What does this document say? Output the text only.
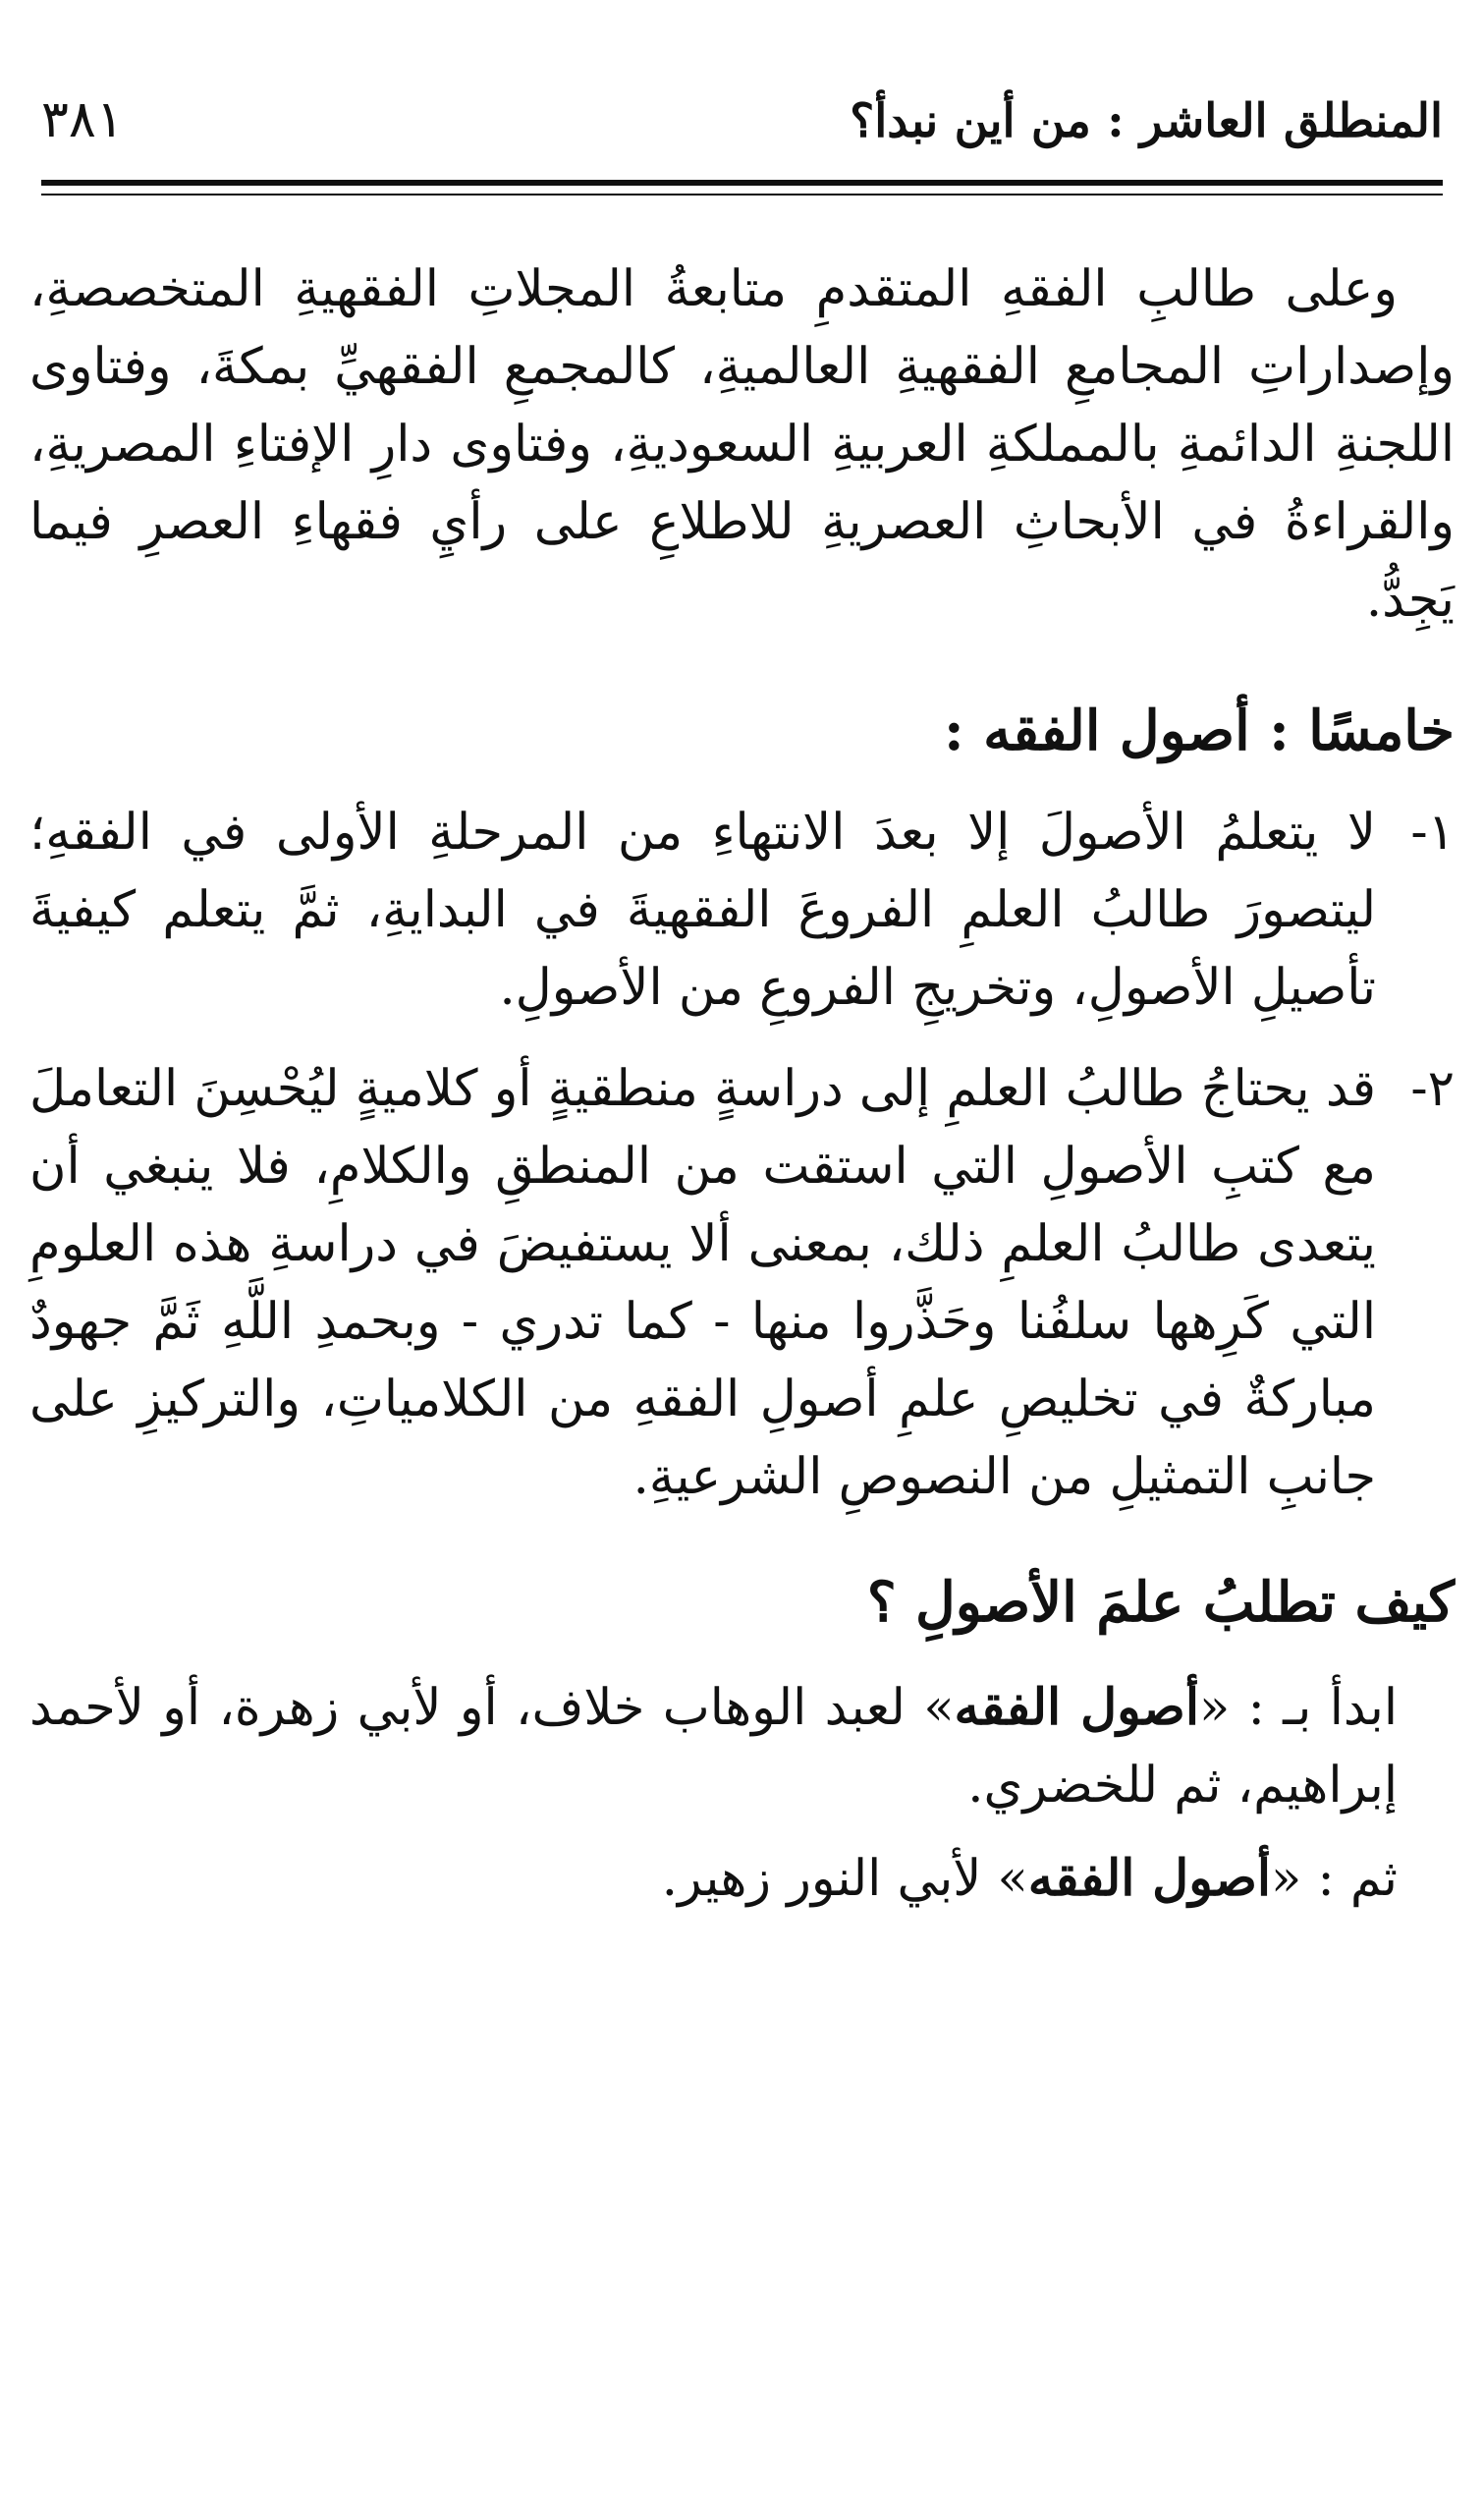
المنطلق العاشر : من أين نبدأ؟
٣٨١

وعلى طالبِ الفقهِ المتقدمِ متابعةُ المجلاتِ الفقهيةِ المتخصصةِ، وإصداراتِ المجامعِ الفقهيةِ العالميةِ، كالمجمعِ الفقهيِّ بمكةَ، وفتاوى اللجنةِ الدائمةِ بالمملكةِ العربيةِ السعوديةِ، وفتاوى دارِ الإفتاءِ المصريةِ، والقراءةُ في الأبحاثِ العصريةِ للاطلاعِ على رأيِ فقهاءِ العصرِ فيما يَجِدُّ.

خامسًا : أصول الفقه :
١-
لا يتعلمُ الأصولَ إلا بعدَ الانتهاءِ من المرحلةِ الأولى في الفقهِ؛ ليتصورَ طالبُ العلمِ الفروعَ الفقهيةَ في البدايةِ، ثمَّ يتعلم كيفيةَ تأصيلِ الأصولِ، وتخريجِ الفروعِ من الأصولِ.
٢-
قد يحتاجُ طالبُ العلمِ إلى دراسةٍ منطقيةٍ أو كلاميةٍ ليُحْسِنَ التعاملَ مع كتبِ الأصولِ التي استقت من المنطقِ والكلامِ، فلا ينبغي أن يتعدى طالبُ العلمِ ذلك، بمعنى ألا يستفيضَ في دراسةِ هذه العلومِ التي كَرِهها سلفُنا وحَذَّروا منها - كما تدري - وبحمدِ اللَّهِ ثَمَّ جهودٌ مباركةٌ في تخليصِ علمِ أصولِ الفقهِ من الكلامياتِ، والتركيزِ على جانبِ التمثيلِ من النصوصِ الشرعيةِ.
كيف تطلبُ علمَ الأصولِ ؟

ابدأ بـ : «أصول الفقه» لعبد الوهاب خلاف، أو لأبي زهرة، أو لأحمد إبراهيم، ثم للخضري.

ثم : «أصول الفقه» لأبي النور زهير.
